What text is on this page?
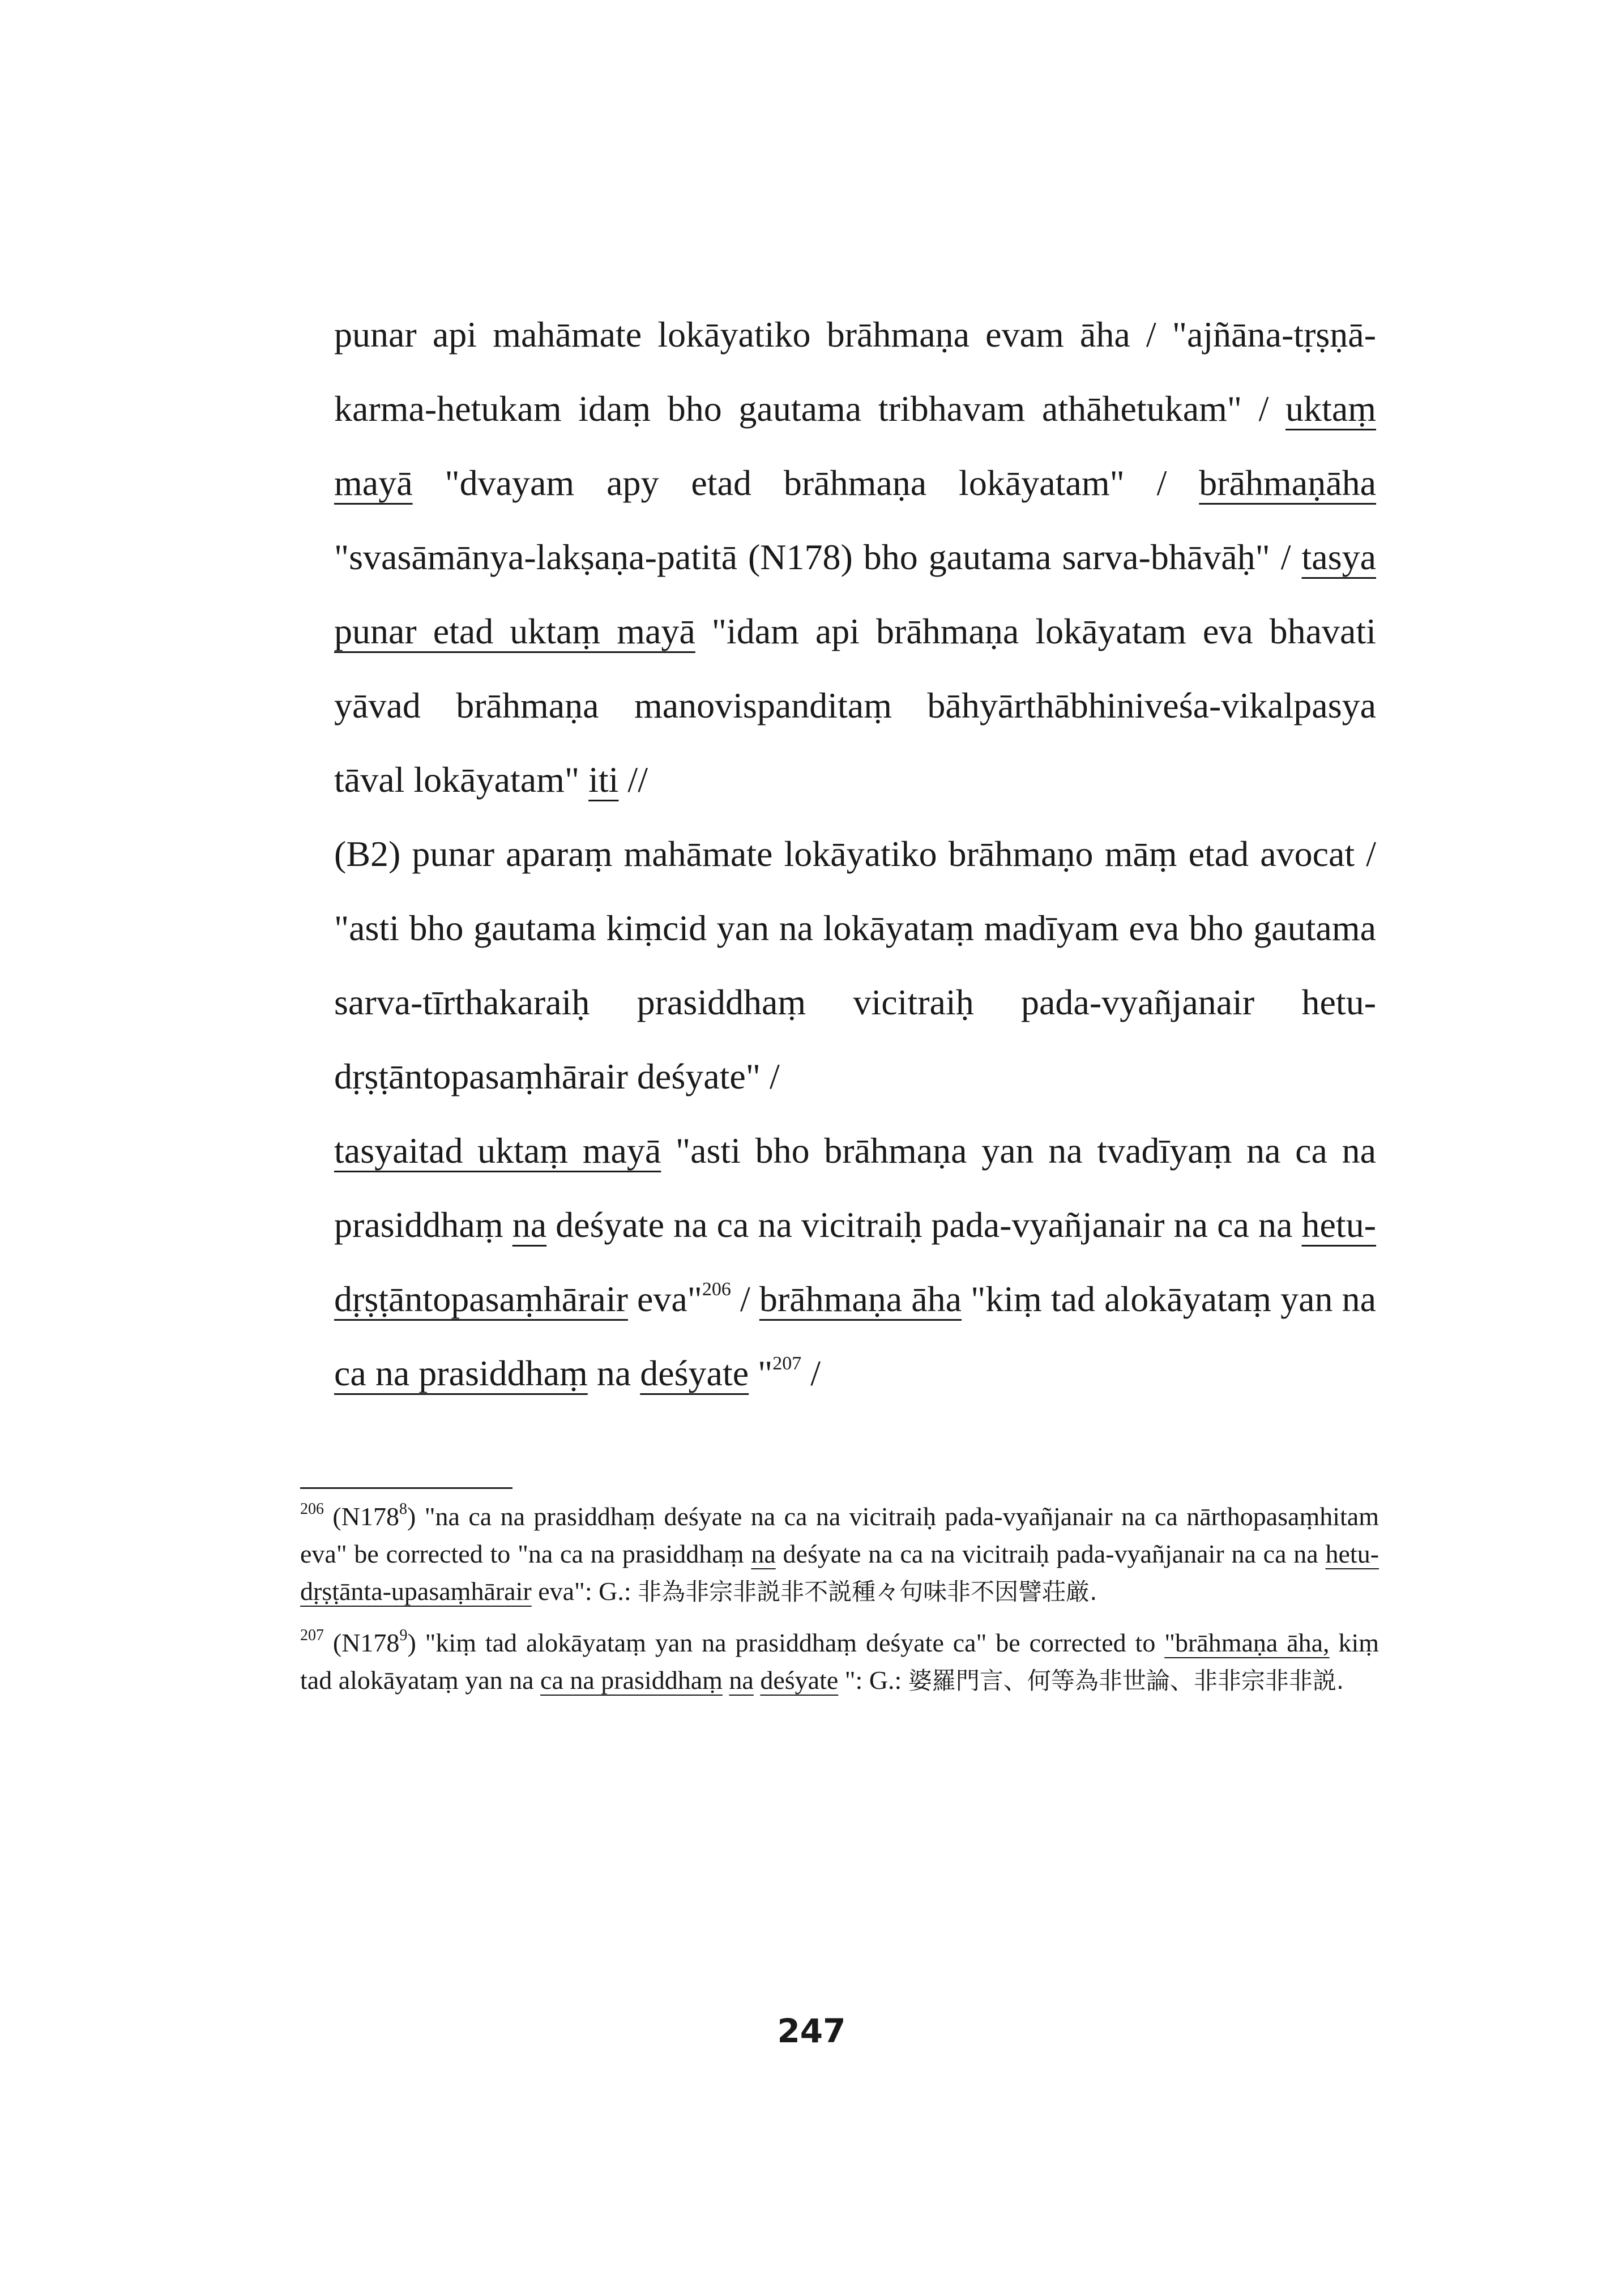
punar api mahāmate lokāyatiko brāhmaṇa evam āha / "ajñāna-tṛṣṇā-karma-hetukam idaṃ bho gautama tribhavam athāhetukam" / uktaṃ mayā "dvayam apy etad brāhmaṇa lokāyatam" / brāhmaṇāha "svasāmānya-lakṣaṇa-patitā (N178) bho gautama sarva-bhāvāḥ" / tasya punar etad uktaṃ mayā "idam api brāhmaṇa lokāyatam eva bhavati yāvad brāhmaṇa manovispanditaṃ bāhyārthābhiniveśa-vikalpasya tāval lokāyatam" iti //

(B2) punar aparaṃ mahāmate lokāyatiko brāhmaṇo māṃ etad avocat / "asti bho gautama kiṃcid yan na lokāyataṃ madīyam eva bho gautama sarva-tīrthakaraiḥ prasiddhaṃ vicitraiḥ pada-vyañjanair hetu-dṛṣṭāntopasaṃhārair deśyate" /

tasyaitad uktaṃ mayā "asti bho brāhmaṇa yan na tvadīyaṃ na ca na prasiddhaṃ na deśyate na ca na vicitraiḥ pada-vyañjanair na ca na hetu-dṛṣṭāntopasaṃhārair eva"$^{206}$ / brāhmaṇa āha "kiṃ tad alokāyataṃ yan na ca na prasiddhaṃ na deśyate "$^{207}$ /

$^{206}$ $(N178^8)$ "na ca na prasiddhaṃ deśyate na ca na vicitraiḥ pada-vyañjanair na ca nārthopasaṃhitam eva" be corrected to "na ca na prasiddhaṃ na deśyate na ca na vicitraiḥ pada-vyañjanair na ca na hetu-dṛṣṭānta-upasaṃhārair eva": G.: 非為非宗非説非不説種々句味非不因譬荘厳.

$^{207}$ $(N178^9)$ "kiṃ tad alokāyataṃ yan na prasiddhaṃ deśyate ca" be corrected to "brāhmaṇa āha, kiṃ tad alokāyataṃ yan na ca na prasiddhaṃ na deśyate ": G.: 婆羅門言、何等為非世論、非非宗非非説.

247
